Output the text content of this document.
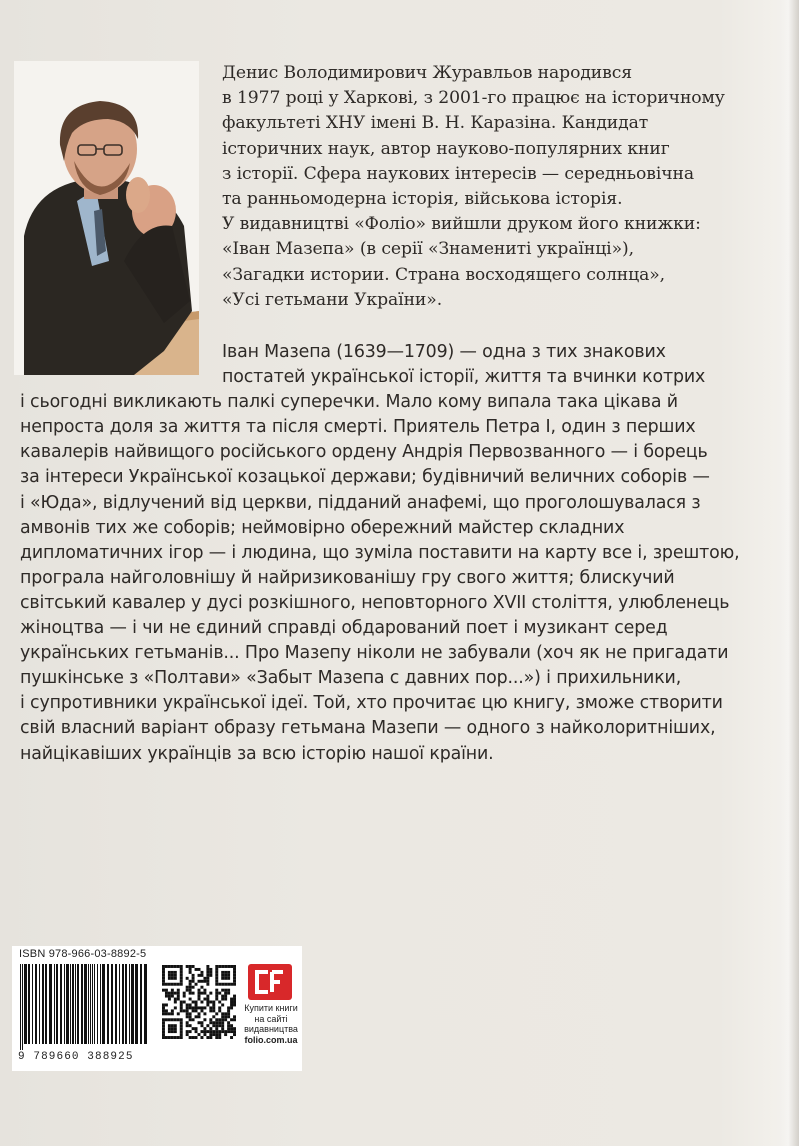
Денис Володимирович Журавльов народився
в 1977 році у Харкові, з 2001-го працює на історичному
факультеті ХНУ імені В. Н. Каразіна. Кандидат
історичних наук, автор науково-популярних книг
з історії. Сфера наукових інтересів — середньовічна
та ранньомодерна історія, військова історія.
У видавництві «Фоліо» вийшли друком його книжки:
«Іван Мазепа» (в серії «Знамениті українці»),
«Загадки истории. Страна восходящего солнца»,
«Усі гетьмани України».
Іван Мазепа (1639—1709) — одна з тих знакових
постатей української історії, життя та вчинки котрих
і сьогодні викликають палкі суперечки. Мало кому випала така цікава й
непроста доля за життя та після смерті. Приятель Петра І, один з перших
кавалерів найвищого російського ордену Андрія Первозванного — і борець
за інтереси Української козацької держави; будівничий величних соборів —
і «Юда», відлучений від церкви, підданий анафемі, що проголошувалася з
амвонів тих же соборів; неймовірно обережний майстер складних
дипломатичних ігор — і людина, що зуміла поставити на карту все і, зрештою,
програла найголовнішу й найризикованішу гру свого життя; блискучий
світський кавалер у дусі розкішного, неповторного XVII століття, улюбленець
жіноцтва — і чи не єдиний справді обдарований поет і музикант серед
українських гетьманів... Про Мазепу ніколи не забували (хоч як не пригадати
пушкінське з «Полтави» «Забыт Мазепа с давних пор...») і прихильники,
і супротивники української ідеї. Той, хто прочитає цю книгу, зможе створити
свій власний варіант образу гетьмана Мазепи — одного з найколоритніших,
найцікавіших українців за всю історію нашої країни.
ISBN 978-966-03-8892-5
9 789660 388925
Купити книги
на сайті
видавництва
folio.com.ua
